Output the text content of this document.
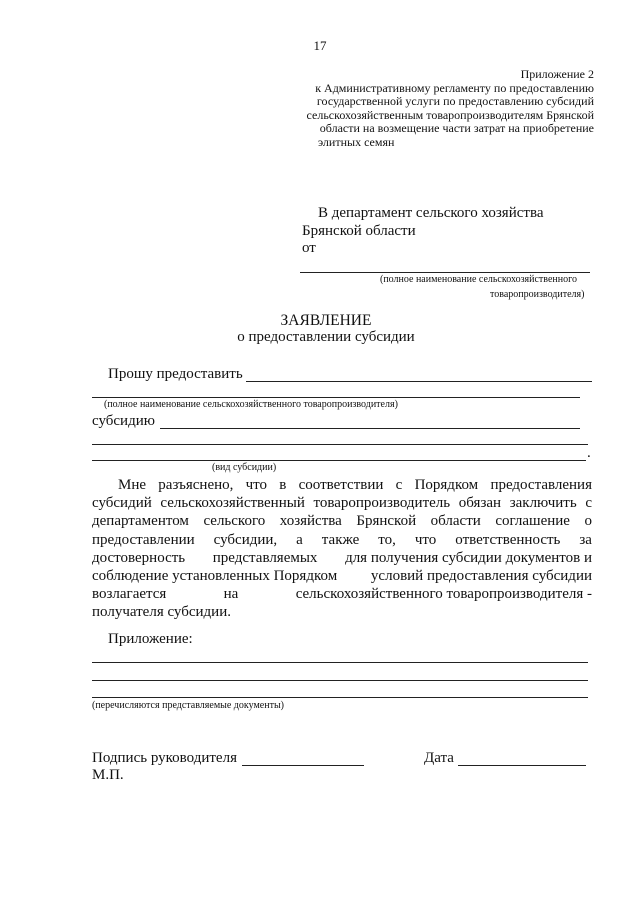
17
Приложение 2
к Административному регламенту по предоставлению
государственной услуги по предоставлению субсидий
сельскохозяйственным товаропроизводителям Брянской
области на возмещение части затрат на приобретение
элитных семян
В департамент сельского хозяйства
Брянской области
от
(полное наименование сельскохозяйственного
товаропроизводителя)
ЗАЯВЛЕНИЕ
о предоставлении субсидии
Прошу предоставить
(полное наименование сельскохозяйственного товаропроизводителя)
субсидию
.
(вид субсидии)
Мне разъяснено, что в соответствии с Порядком предоставления
субсидий сельскохозяйственный товаропроизводитель обязан заключить с
департаментом сельского хозяйства Брянской области соглашение о
предоставлении субсидии, а также то, что ответственность за
достоверность представляемых для получения субсидии документов и
соблюдение установленных Порядком условий предоставления субсидии
возлагается	на	сельскохозяйственного товаропроизводителя -
получателя субсидии.
Приложение:
(перечисляются представляемые документы)
Подпись руководителя	Дата
М.П.
